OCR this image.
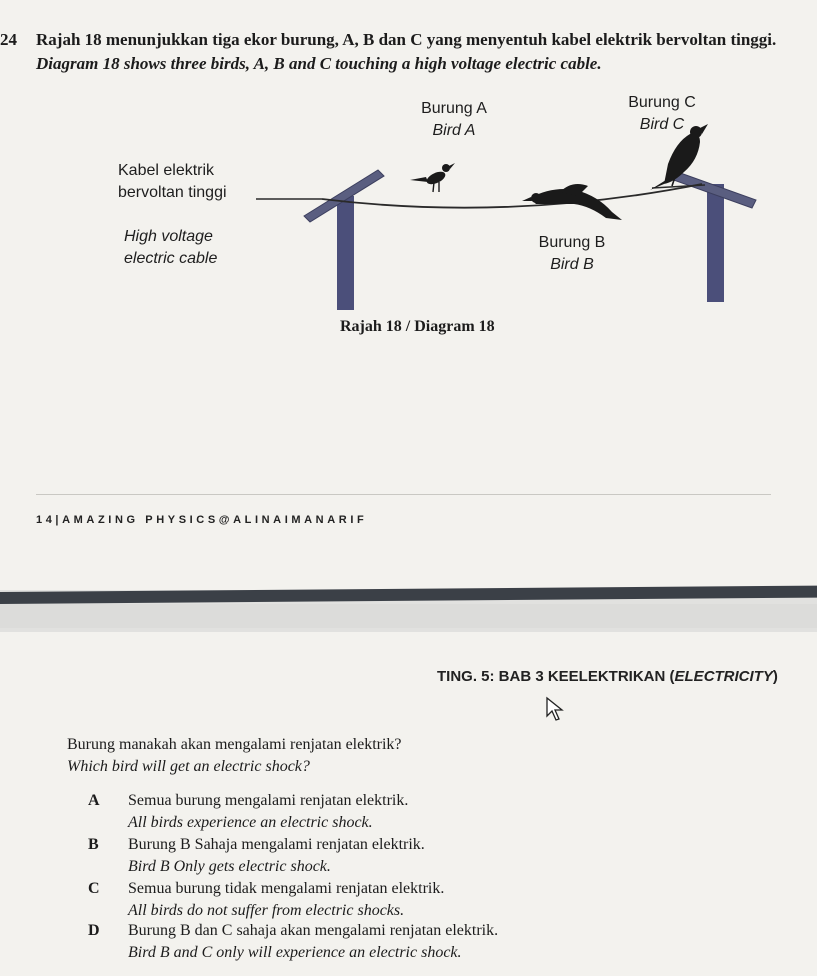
24 Rajah 18 menunjukkan tiga ekor burung, A, B dan C yang menyentuh kabel elektrik bervoltan tinggi.
Diagram 18 shows three birds, A, B and C touching a high voltage electric cable.
Kabel elektrik
bervoltan tinggi
High voltage
electric cable
Burung A
Bird A
Burung C
Bird C
Burung B
Bird B
Rajah 18 / Diagram 18
14|AMAZING PHYSICS@ALINAIMANARIF
TING. 5: BAB 3 KEELEKTRIKAN (ELECTRICITY)
Burung manakah akan mengalami renjatan elektrik?
Which bird will get an electric shock?
A Semua burung mengalami renjatan elektrik.
All birds experience an electric shock.
B Burung B Sahaja mengalami renjatan elektrik.
Bird B Only gets electric shock.
C Semua burung tidak mengalami renjatan elektrik.
All birds do not suffer from electric shocks.
D Burung B dan C sahaja akan mengalami renjatan elektrik.
Bird B and C only will experience an electric shock.
